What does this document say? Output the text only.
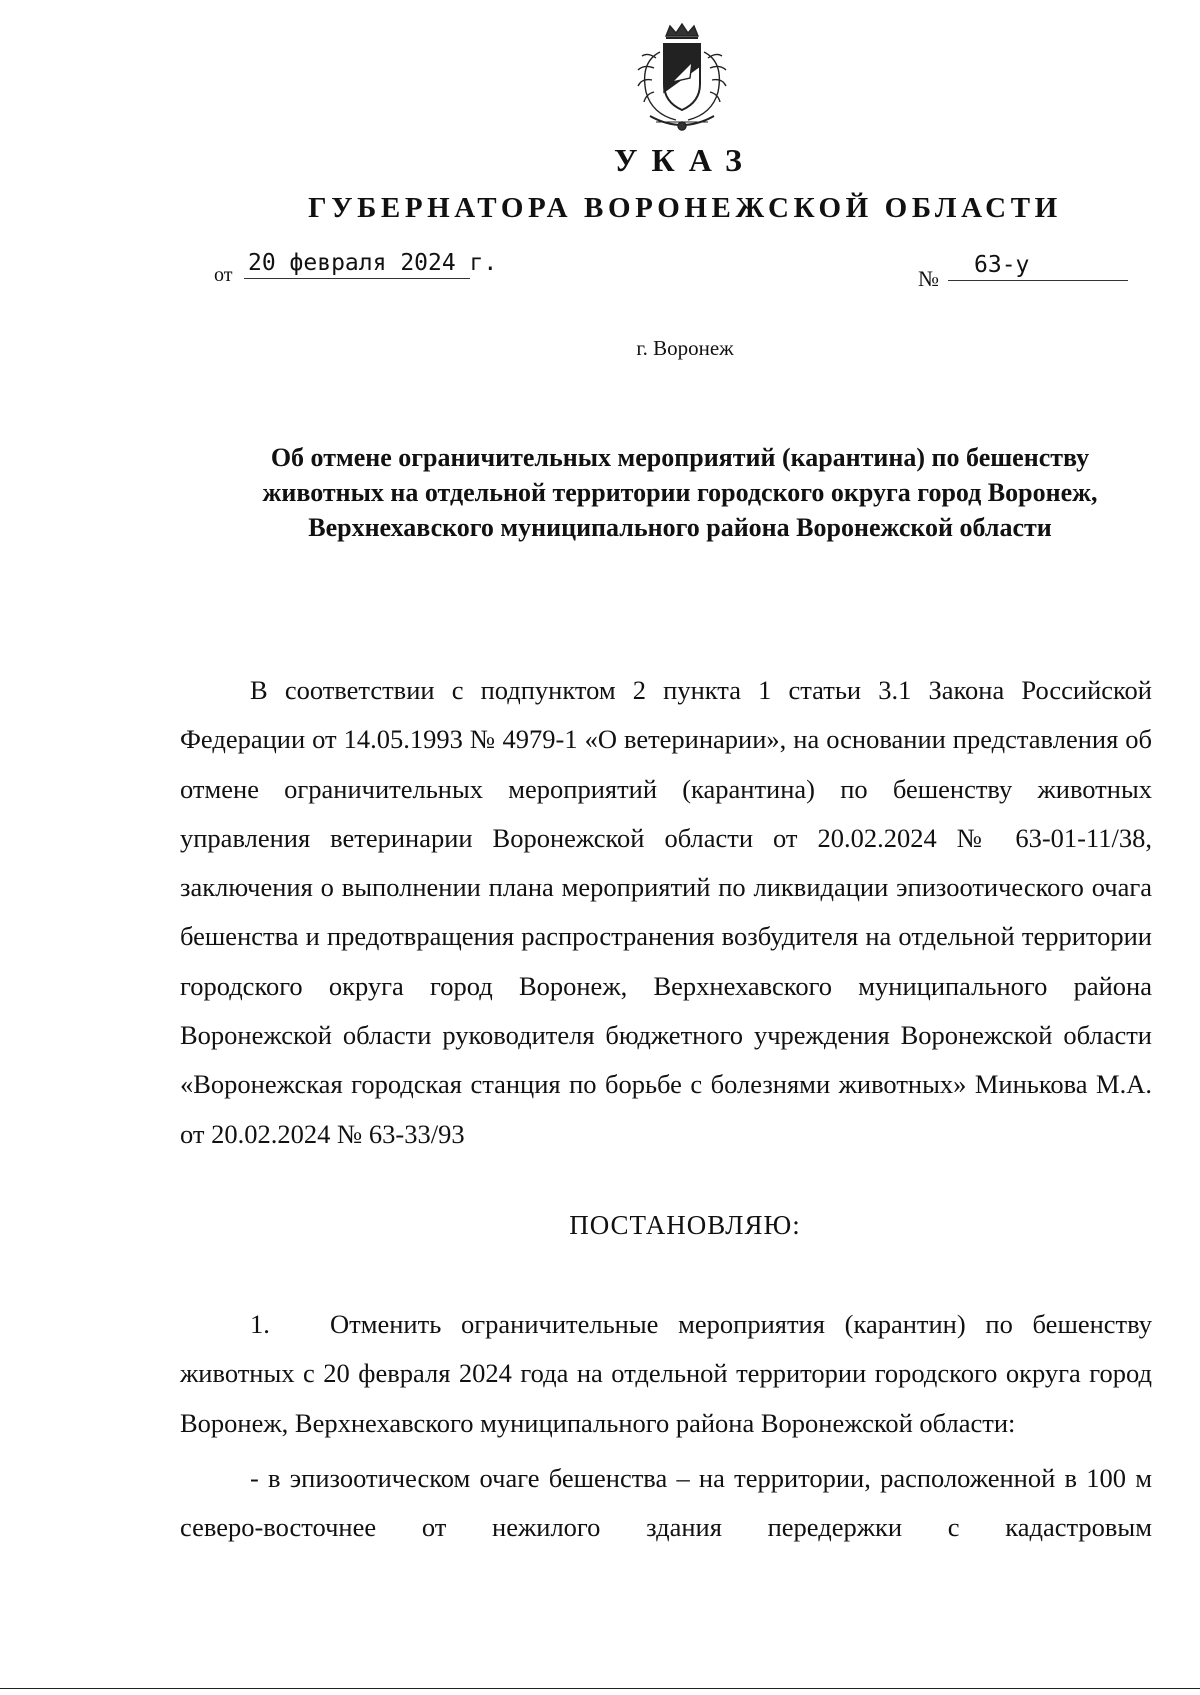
УКАЗ
ГУБЕРНАТОРА ВОРОНЕЖСКОЙ ОБЛАСТИ
от 20 февраля 2024 г.
№
63-у
г. Воронеж
Об отмене ограничительных мероприятий (карантина) по бешенству животных на отдельной территории городского округа город Воронеж, Верхнехавского муниципального района Воронежской области

В соответствии с подпунктом 2 пункта 1 статьи 3.1 Закона Российской Федерации от 14.05.1993 № 4979-1 «О ветеринарии», на основании представления об отмене ограничительных мероприятий (карантина) по бешенству животных управления ветеринарии Воронежской области от 20.02.2024 № 63-01-11/38, заключения о выполнении плана мероприятий по ликвидации эпизоотического очага бешенства и предотвращения распространения возбудителя на отдельной территории городского округа город Воронеж, Верхнехавского муниципального района Воронежской области руководителя бюджетного учреждения Воронежской области «Воронежская городская станция по борьбе с болезнями животных» Минькова М.А. от 20.02.2024 № 63-33/93

ПОСТАНОВЛЯЮ:

1. Отменить ограничительные мероприятия (карантин) по бешенству животных с 20 февраля 2024 года на отдельной территории городского округа город Воронеж, Верхнехавского муниципального района Воронежской области:

- в эпизоотическом очаге бешенства – на территории, расположенной в 100 м северо-восточнее от нежилого здания передержки с кадастровым
